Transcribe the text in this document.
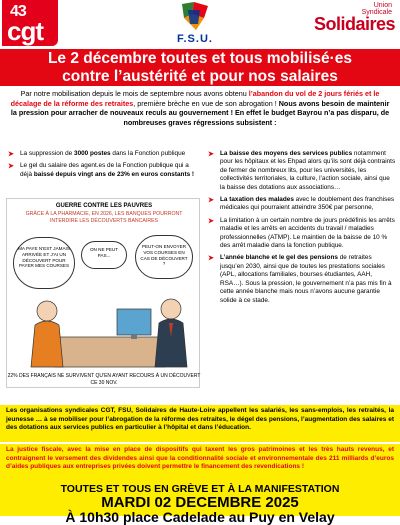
43
cgt	F.S.U.
Union
Syndicale
Solidaires
Le 2 décembre toutes et tous mobilisé·es
contre l’austérité et pour nos salaires
Par notre mobilisation depuis le mois de septembre nous avons obtenu l’abandon du vol de 2 jours fériés et le décalage de la réforme des retraites, première brèche en vue de son abrogation ! Nous avons besoin de maintenir la pression pour arracher de nouveaux reculs au gouvernement ! En effet le budget Bayrou n’a pas disparu, de nombreuses graves régressions subsistent :
➤ La suppression de 3000 postes dans la Fonction publique
➤ Le gel du salaire des agent.es de la Fonction publique qui a déjà baissé depuis vingt ans de 23% en euros constants !
GUERRE CONTRE LES PAUVRES
GRÂCE À LA PHARMACIE, EN 2026, LES BANQUES POURRONT INTERDIRE LES DÉCOUVERTS BANCAIRES
MA PAYE N’EST JAMAIS ARRIVÉE ET J’AI UN DÉCOUVERT POUR PAYER MES COURSES
ON NE PEUT PAS...
PEUT-ON ENVOYER VOS COURSES EN CAS DE DÉCOUVERT ?
22% DES FRANÇAIS NE SURVIVENT QU’EN AYANT RECOURS À UN DÉCOUVERT CE 30 NOV.
➤ La baisse des moyens des services publics notamment pour les hôpitaux et les Ehpad alors qu’ils sont déjà contraints de fermer de nombreux lits, pour les universités, les collectivités territoriales, la culture, l’action sociale, ainsi que la baisse des dotations aux associations…
➤ La taxation des malades avec le doublement des franchises médicales qui pourraient atteindre 350€ par personne,
➤ La limitation à un certain nombre de jours prédéfinis les arrêts maladie et les arrêts en accidents du travail / maladies professionnelles (ATMP). Le maintien de la baisse de 10 % des arrêt maladie dans la fonction publique.
➤ L’année blanche et le gel des pensions de retraites jusqu’en 2030, ainsi que de toutes les prestations sociales (APL, allocations familiales, bourses étudiantes, AAH, RSA…). Sous la pression, le gouvernement n’a pas mis fin à cette année blanche mais nous n’avons aucune garantie solide à ce stade.
Les organisations syndicales CGT, FSU, Solidaires de Haute-Loire appellent les salariés, les sans-emplois, les retraités, la jeunesse … à se mobiliser pour l’abrogation de la réforme des retraites, le dégel des pensions, l’augmentation des salaires et des dotations aux services publics en particulier à l’hôpital et dans l’éducation.
La justice fiscale, avec la mise en place de dispositifs qui taxent les gros patrimoines et les très hauts revenus, et contraignent le versement des dividendes ainsi que la conditionnalité sociale et environnementale des 211 milliards d’euros d’aides publiques aux entreprises privées doivent permettre le financement des revendications !
TOUTES ET TOUS EN GRÈVE ET À LA MANIFESTATION
MARDI 02 DECEMBRE 2025
À 10h30 place Cadelade au Puy en Velay
